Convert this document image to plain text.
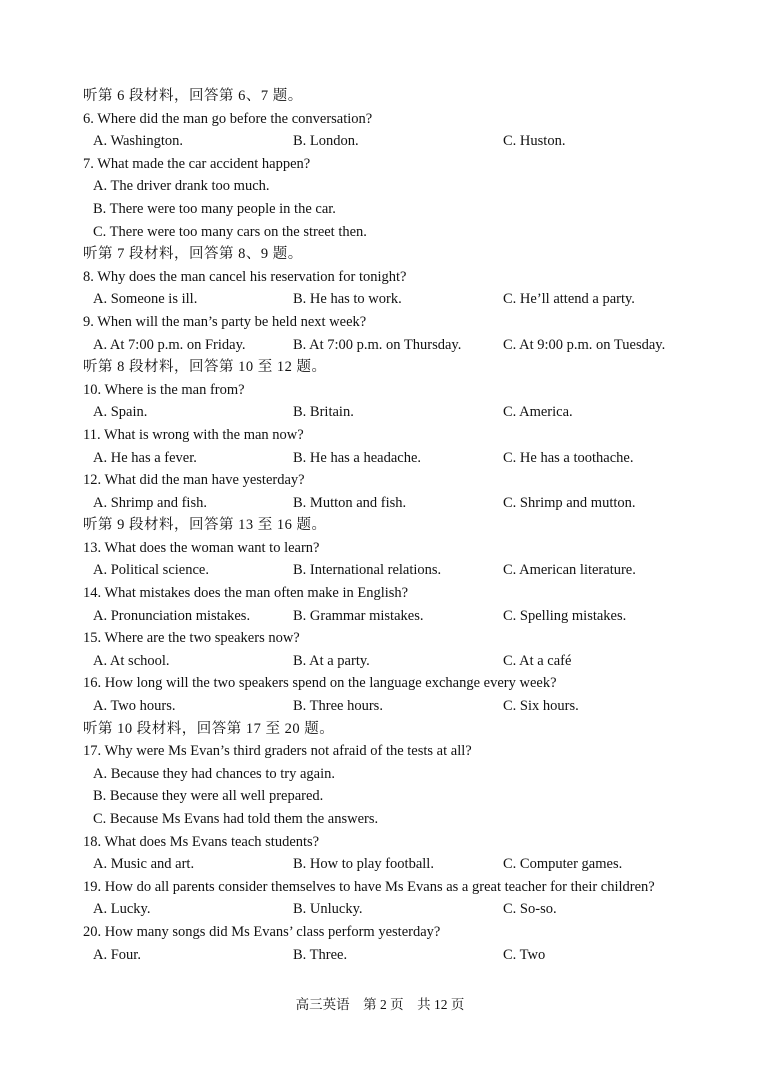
听第 6 段材料，回答第 6、7 题。
6. Where did the man go before the conversation?
A. Washington.	B. London.	C. Huston.
7. What made the car accident happen?
A. The driver drank too much.
B. There were too many people in the car.
C. There were too many cars on the street then.
听第 7 段材料，回答第 8、9 题。
8. Why does the man cancel his reservation for tonight?
A. Someone is ill.	B. He has to work.	C. He’ll attend a party.
9. When will the man’s party be held next week?
A. At 7:00 p.m. on Friday.	B. At 7:00 p.m. on Thursday.	C. At 9:00 p.m. on Tuesday.
听第 8 段材料，回答第 10 至 12 题。
10. Where is the man from?
A. Spain.	B. Britain.	C. America.
11. What is wrong with the man now?
A. He has a fever.	B. He has a headache.	C. He has a toothache.
12. What did the man have yesterday?
A. Shrimp and fish.	B. Mutton and fish.	C. Shrimp and mutton.
听第 9 段材料，回答第 13 至 16 题。
13. What does the woman want to learn?
A. Political science.	B. International relations.	C. American literature.
14. What mistakes does the man often make in English?
A. Pronunciation mistakes.	B. Grammar mistakes.	C. Spelling mistakes.
15. Where are the two speakers now?
A. At school.	B. At a party.	C. At a café
16. How long will the two speakers spend on the language exchange every week?
A. Two hours.	B. Three hours.	C. Six hours.
听第 10 段材料，回答第 17 至 20 题。
17. Why were Ms Evan’s third graders not afraid of the tests at all?
A. Because they had chances to try again.
B. Because they were all well prepared.
C. Because Ms Evans had told them the answers.
18. What does Ms Evans teach students?
A. Music and art.	B. How to play football.	C. Computer games.
19. How do all parents consider themselves to have Ms Evans as a great teacher for their children?
A. Lucky.	B. Unlucky.	C. So-so.
20. How many songs did Ms Evans’ class perform yesterday?
A. Four.	B. Three.	C. Two
高三英语　第 2 页　共 12 页
